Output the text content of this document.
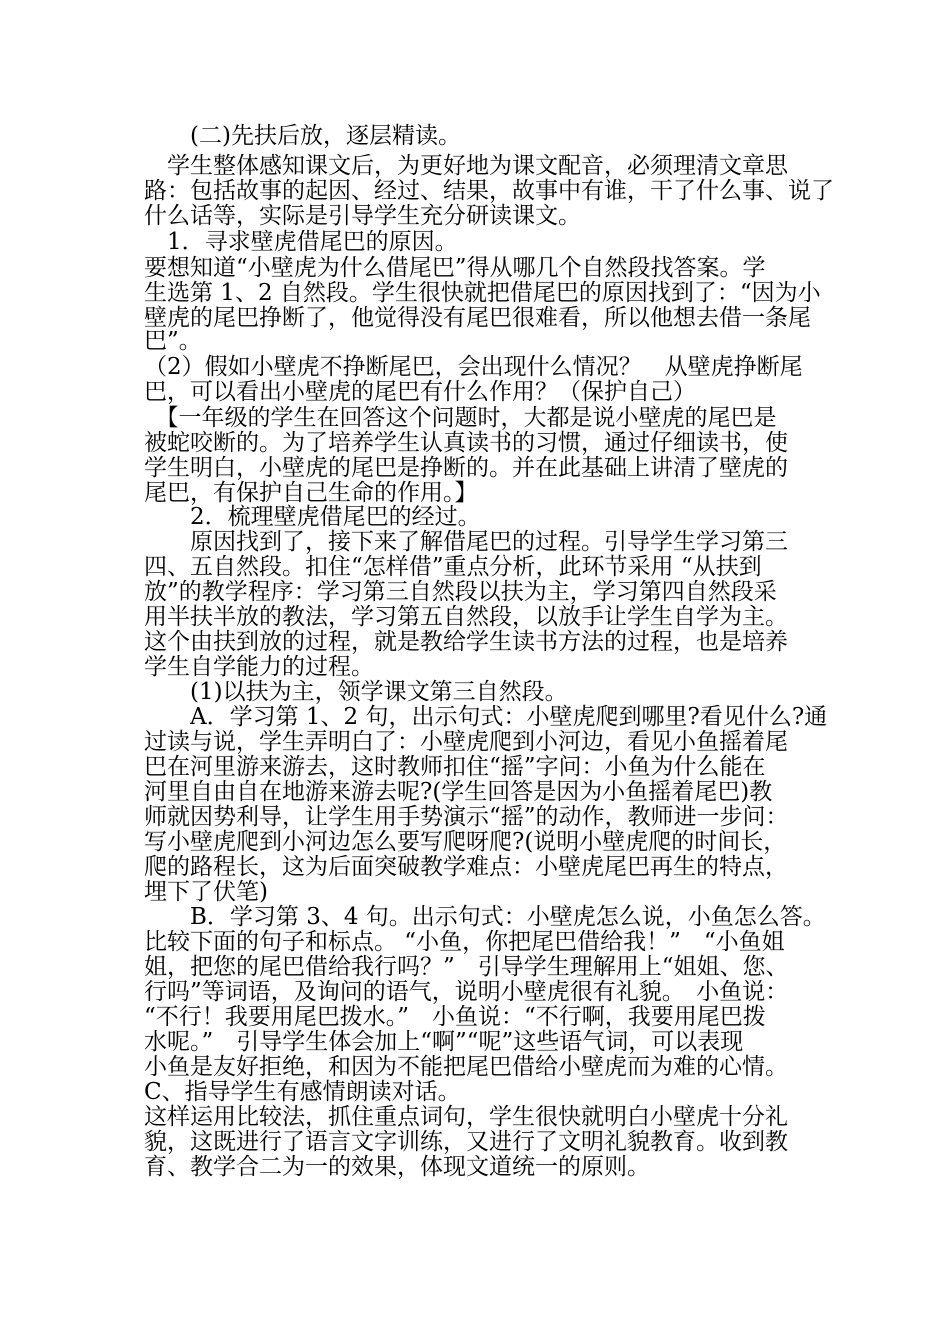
　　(二)先扶后放，逐层精读。
　学生整体感知课文后，为更好地为课文配音，必须理清文章思
路：包括故事的起因、经过、结果，故事中有谁，干了什么事、说了
什么话等，实际是引导学生充分研读课文。
　1．寻求壁虎借尾巴的原因。
要想知道“小壁虎为什么借尾巴”得从哪几个自然段找答案。学
生选第 1、2 自然段。学生很快就把借尾巴的原因找到了：“因为小
壁虎的尾巴挣断了，他觉得没有尾巴很难看，所以他想去借一条尾
巴”。
（2）假如小壁虎不挣断尾巴，会出现什么情况？　从壁虎挣断尾
巴，可以看出小壁虎的尾巴有什么作用？（保护自己）
　【一年级的学生在回答这个问题时，大都是说小壁虎的尾巴是
被蛇咬断的。为了培养学生认真读书的习惯，通过仔细读书，使
学生明白，小壁虎的尾巴是挣断的。并在此基础上讲清了壁虎的
尾巴，有保护自己生命的作用。】
　　2．梳理壁虎借尾巴的经过。
　　原因找到了，接下来了解借尾巴的过程。引导学生学习第三
四、五自然段。扣住“怎样借”重点分析，此环节采用 “从扶到
放”的教学程序：学习第三自然段以扶为主，学习第四自然段采
用半扶半放的教法，学习第五自然段，以放手让学生自学为主。
这个由扶到放的过程，就是教给学生读书方法的过程，也是培养
学生自学能力的过程。
　　(1)以扶为主，领学课文第三自然段。
　　A．学习第 1、2 句，出示句式：小壁虎爬到哪里?看见什么?通
过读与说，学生弄明白了：小壁虎爬到小河边，看见小鱼摇着尾
巴在河里游来游去，这时教师扣住“摇”字问：小鱼为什么能在
河里自由自在地游来游去呢?(学生回答是因为小鱼摇着尾巴)教
师就因势利导，让学生用手势演示“摇”的动作，教师进一步问：
写小壁虎爬到小河边怎么要写爬呀爬?(说明小壁虎爬的时间长，
爬的路程长，这为后面突破教学难点：小壁虎尾巴再生的特点，
埋下了伏笔)
　　B．学习第 3、4 句。出示句式：小壁虎怎么说，小鱼怎么答。
比较下面的句子和标点。 “小鱼，你把尾巴借给我！”　“小鱼姐
姐，把您的尾巴借给我行吗？”　引导学生理解用上“姐姐、您、
行吗”等词语，及询问的语气，说明小壁虎很有礼貌。　小鱼说：
“不行！我要用尾巴拨水。”　小鱼说：“不行啊，我要用尾巴拨
水呢。”　引导学生体会加上“啊”“呢”这些语气词，可以表现
小鱼是友好拒绝，和因为不能把尾巴借给小壁虎而为难的心情。
C、指导学生有感情朗读对话。
这样运用比较法，抓住重点词句，学生很快就明白小壁虎十分礼
貌，这既进行了语言文字训练，又进行了文明礼貌教育。收到教
育、教学合二为一的效果，体现文道统一的原则。
